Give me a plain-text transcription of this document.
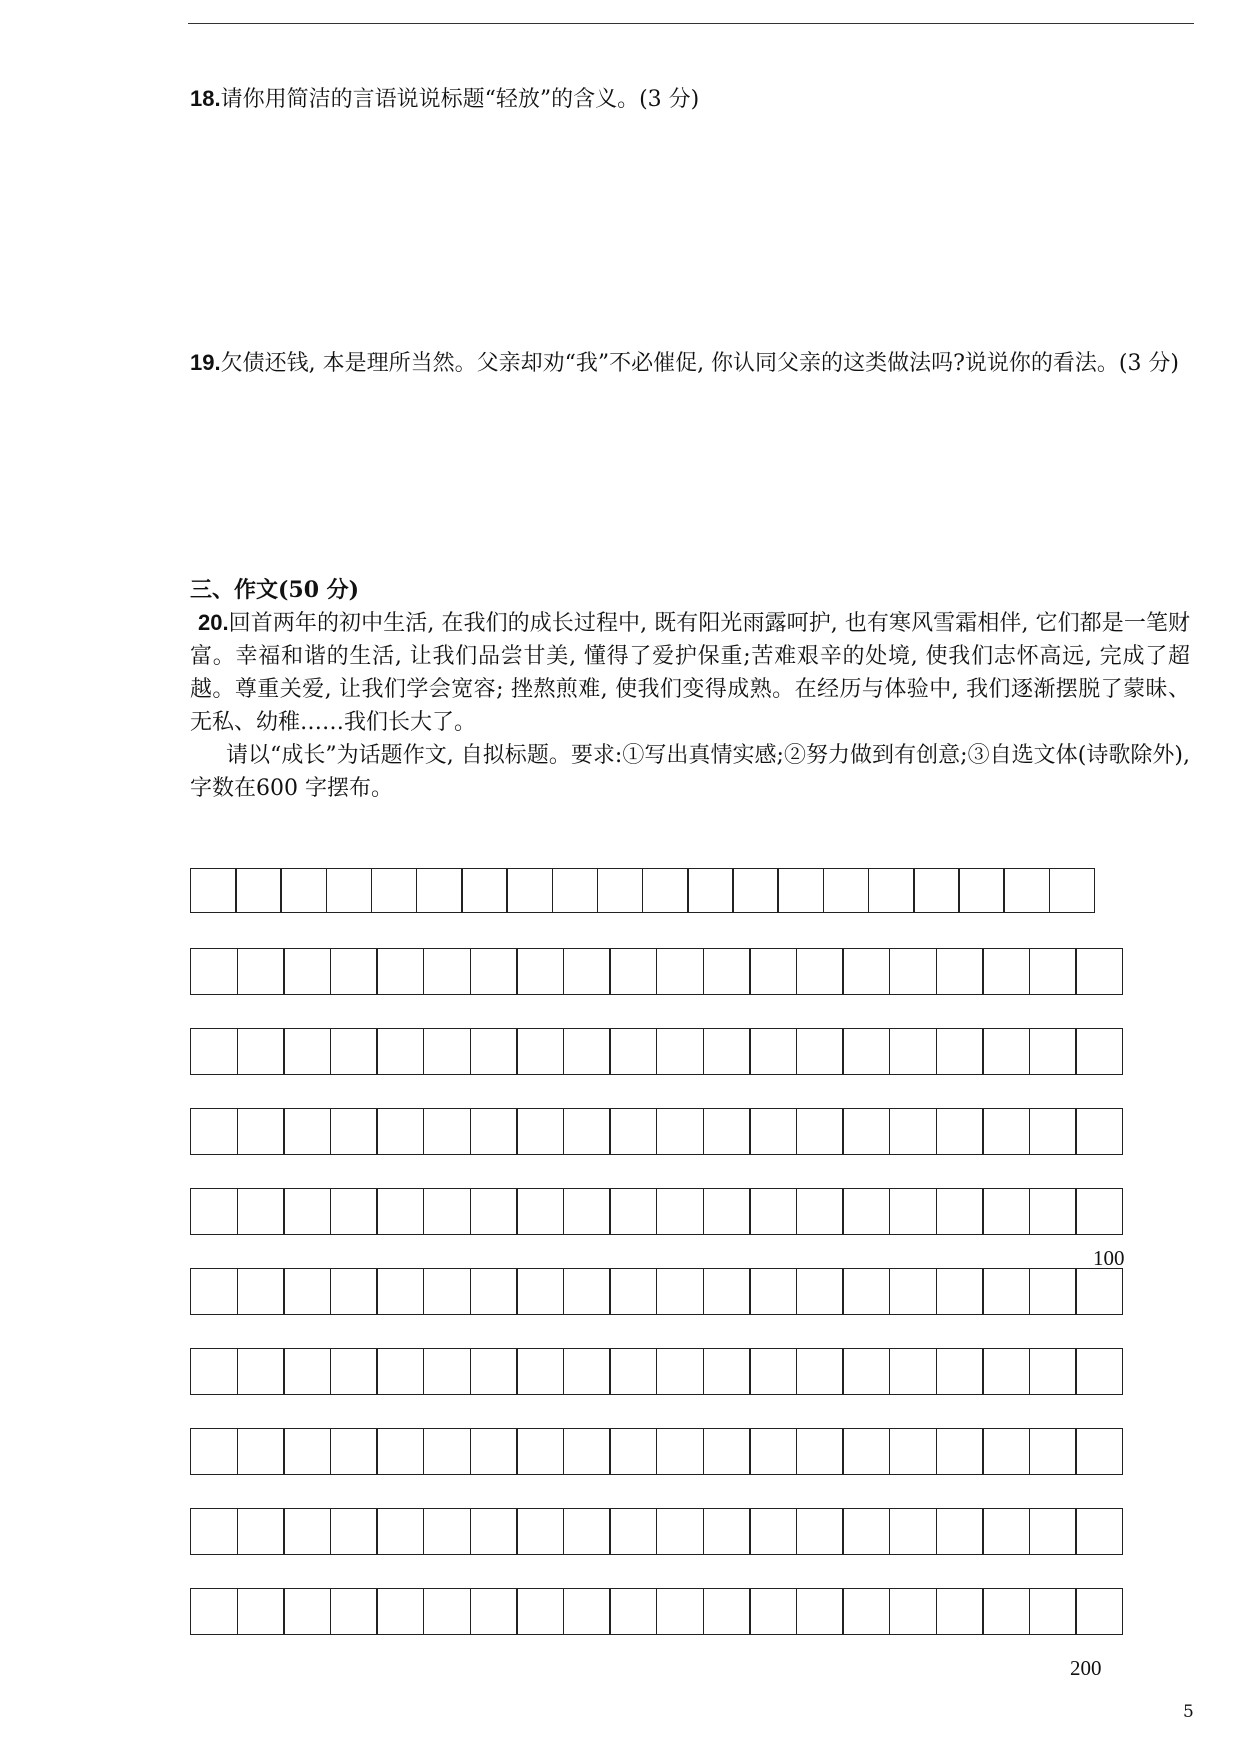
18.请你用简洁的言语说说标题“轻放”的含义。(3 分)
19.欠债还钱, 本是理所当然。父亲却劝“我”不必催促, 你认同父亲的这类做法吗?说说你的看法。(3 分)
三、作文(50 分)

20.回首两年的初中生活, 在我们的成长过程中, 既有阳光雨露呵护, 也有寒风雪霜相伴, 它们都是一笔财富。幸福和谐的生活, 让我们品尝甘美, 懂得了爱护保重;苦难艰辛的处境, 使我们志怀高远, 完成了超越。尊重关爱, 让我们学会宽容; 挫熬煎难, 使我们变得成熟。在经历与体验中, 我们逐渐摆脱了蒙昧、无私、幼稚……我们长大了。

请以“成长”为话题作文, 自拟标题。要求:①写出真情实感;②努力做到有创意;③自选文体(诗歌除外), 字数在600 字摆布。

100
200
5
